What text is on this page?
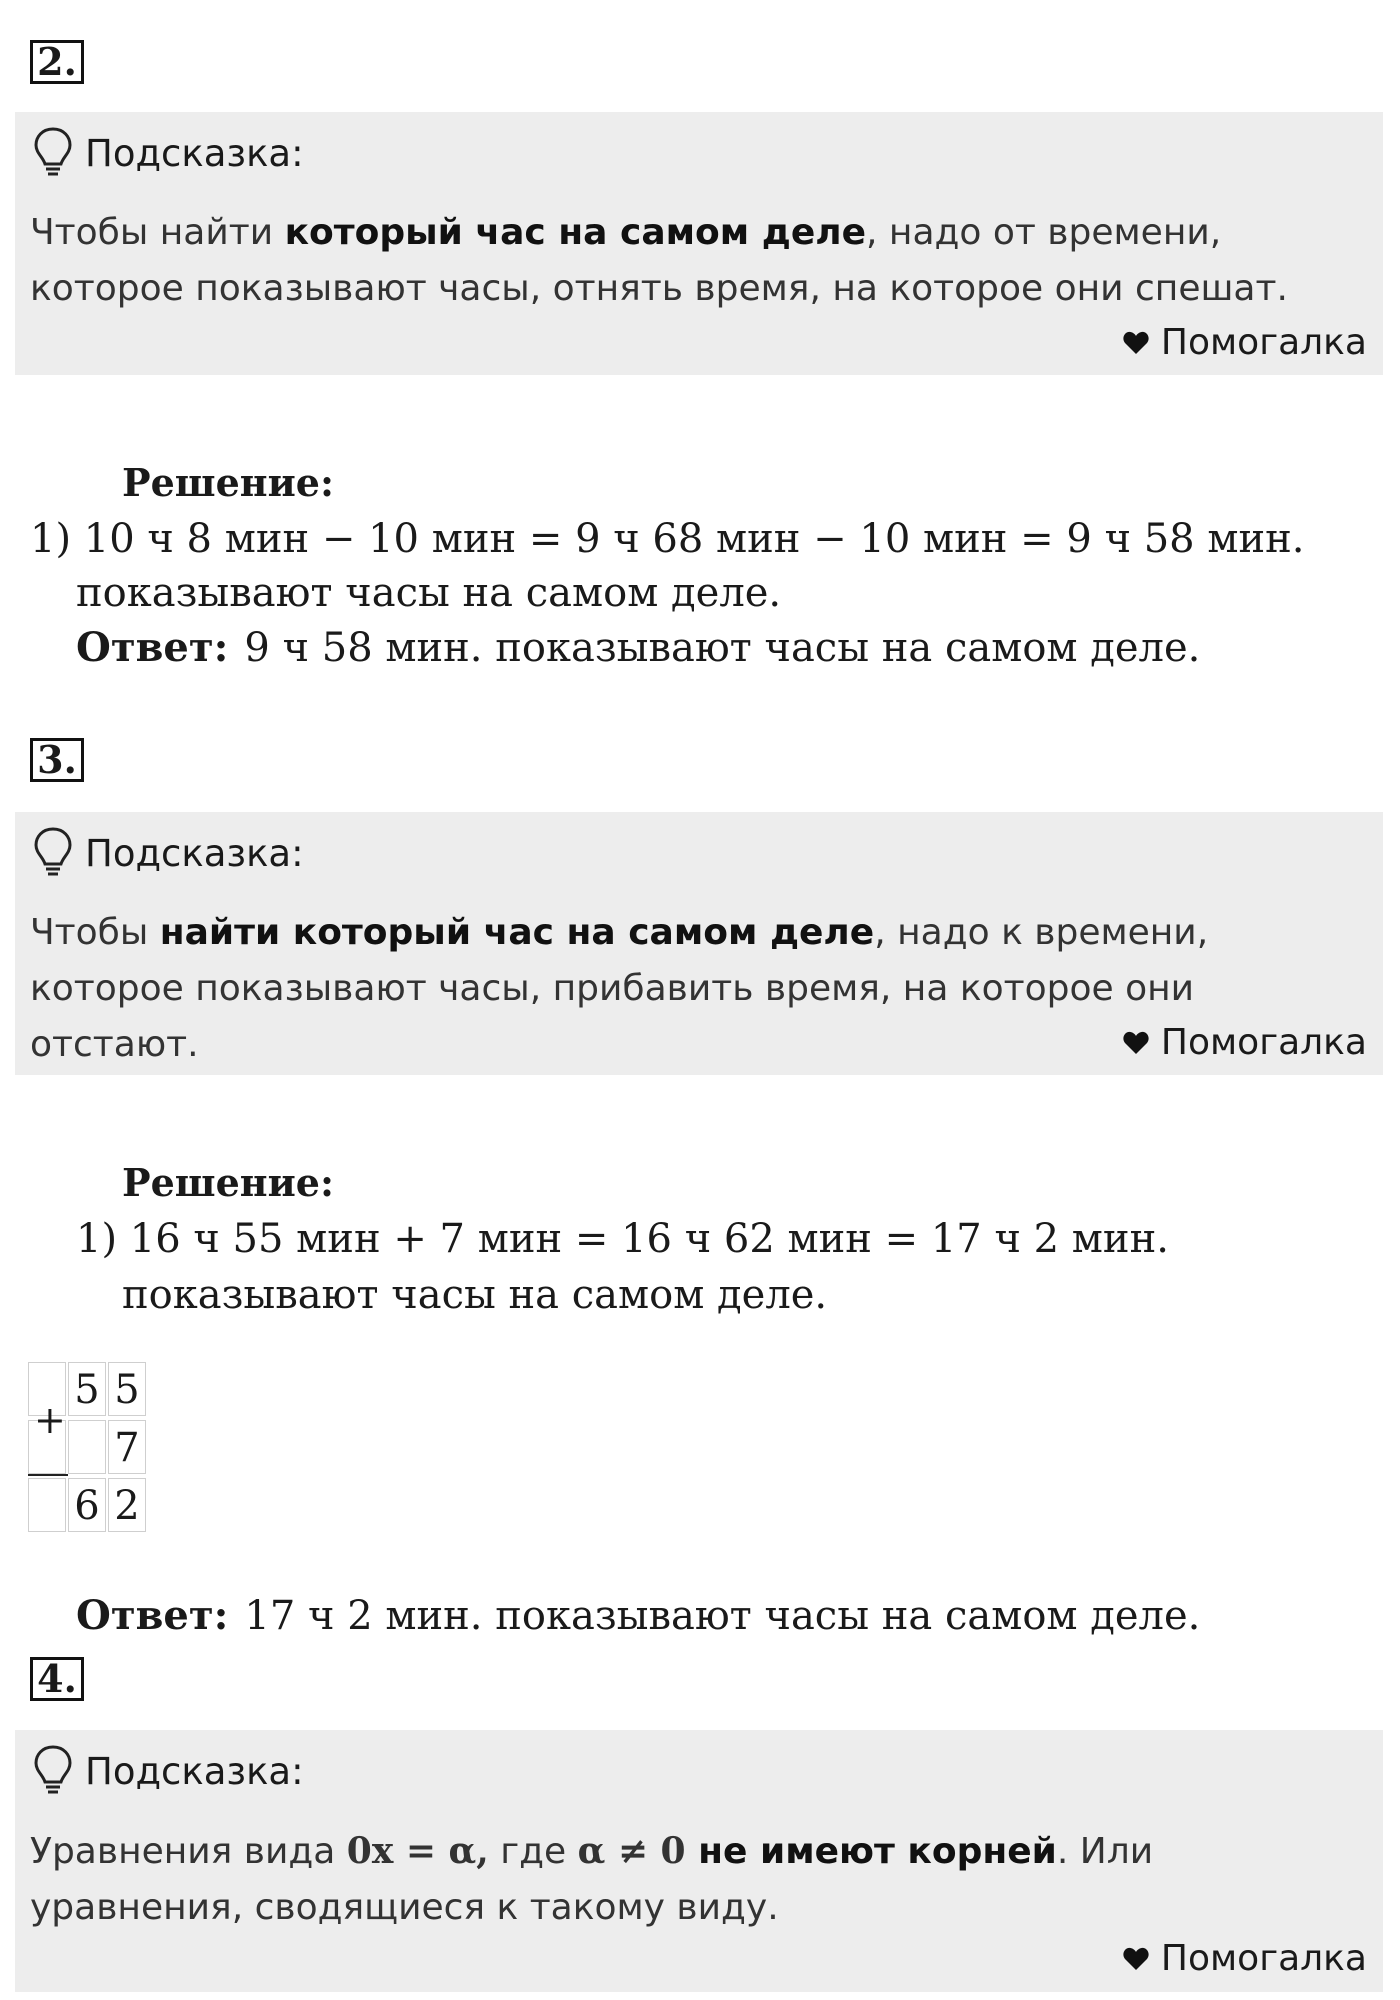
2.
Подсказка:
Чтобы найти который час на самом деле, надо от времени, которое показывают часы, отнять время, на которое они спешат.
Помогалка
Решение:
1) 10 ч 8 мин − 10 мин = 9 ч 68 мин − 10 мин = 9 ч 58 мин.
показывают часы на самом деле.
Ответ: 9 ч 58 мин. показывают часы на самом деле.
3.
Подсказка:
Чтобы найти который час на самом деле, надо к времени, которое показывают часы, прибавить время, на которое они отстают.	Помогалка
Решение:
1) 16 ч 55 мин + 7 мин = 16 ч 62 мин = 17 ч 2 мин.
показывают часы на самом деле.
5 5
7
6 2
+
Ответ: 17 ч 2 мин. показывают часы на самом деле.
4.
Подсказка:
Уравнения вида 0x = α, где α ≠ 0 не имеют корней. Или уравнения, сводящиеся к такому виду.
Помогалка
